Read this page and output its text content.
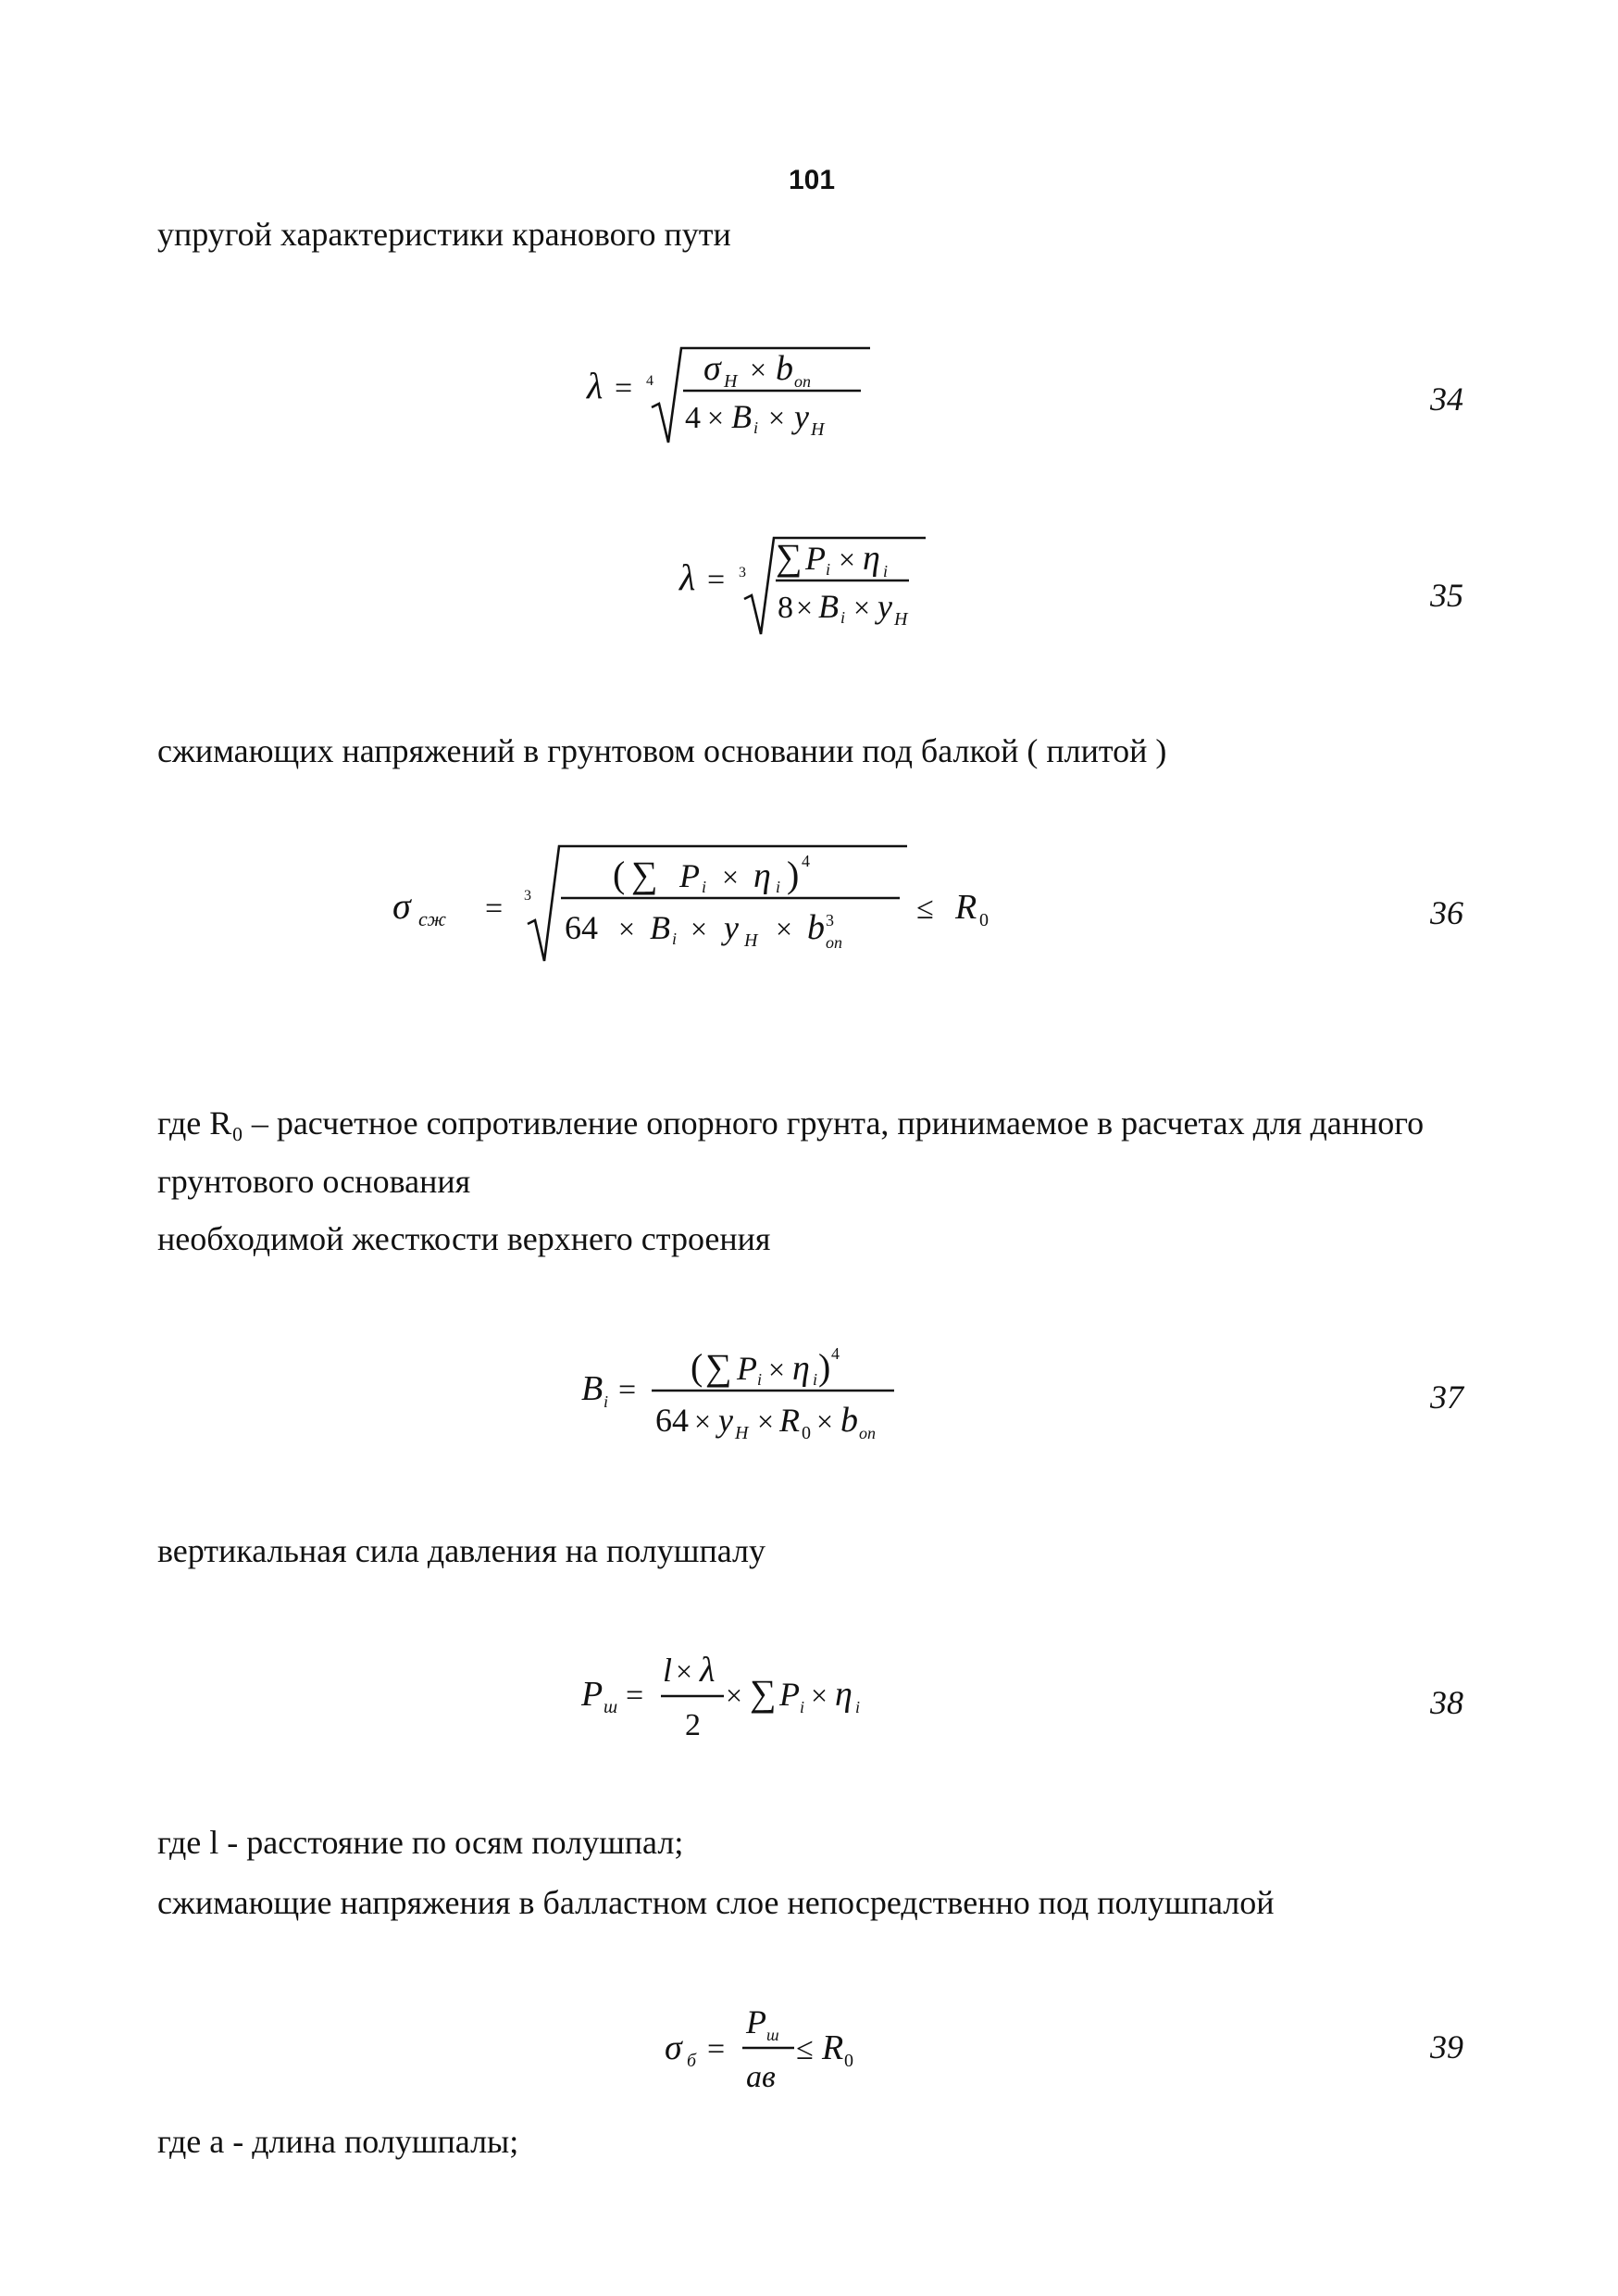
101
упругой характеристики кранового пути
λ = 4 σ H × b on
4 × B i × y H
34
λ = 3 ∑ P i × η i
8 × B i × y H
35
сжимающих напряжений в грунтовом основании под балкой ( плитой )
σ сж = 3
( ∑ P i × η i ) 4
64 × B i × y H × b 3
on
≤ R 0	36
где R₀ – расчетное сопротивление опорного грунта, принимаемое в расчетах для данного
грунтового основания
необходимой жесткости верхнего строения
B i =
( ∑ P i × η i ) 4
64 × y H × R 0 × b on
37
вертикальная сила давления на полушпалу
P ш =
l × λ
2
× ∑ P i × η i	38
где l - расстояние по осям полушпал;
сжимающие напряжения в балластном слое непосредственно под полушпалой
σ б =
P ш
ав
≤ R 0	39
где a - длина полушпалы;
